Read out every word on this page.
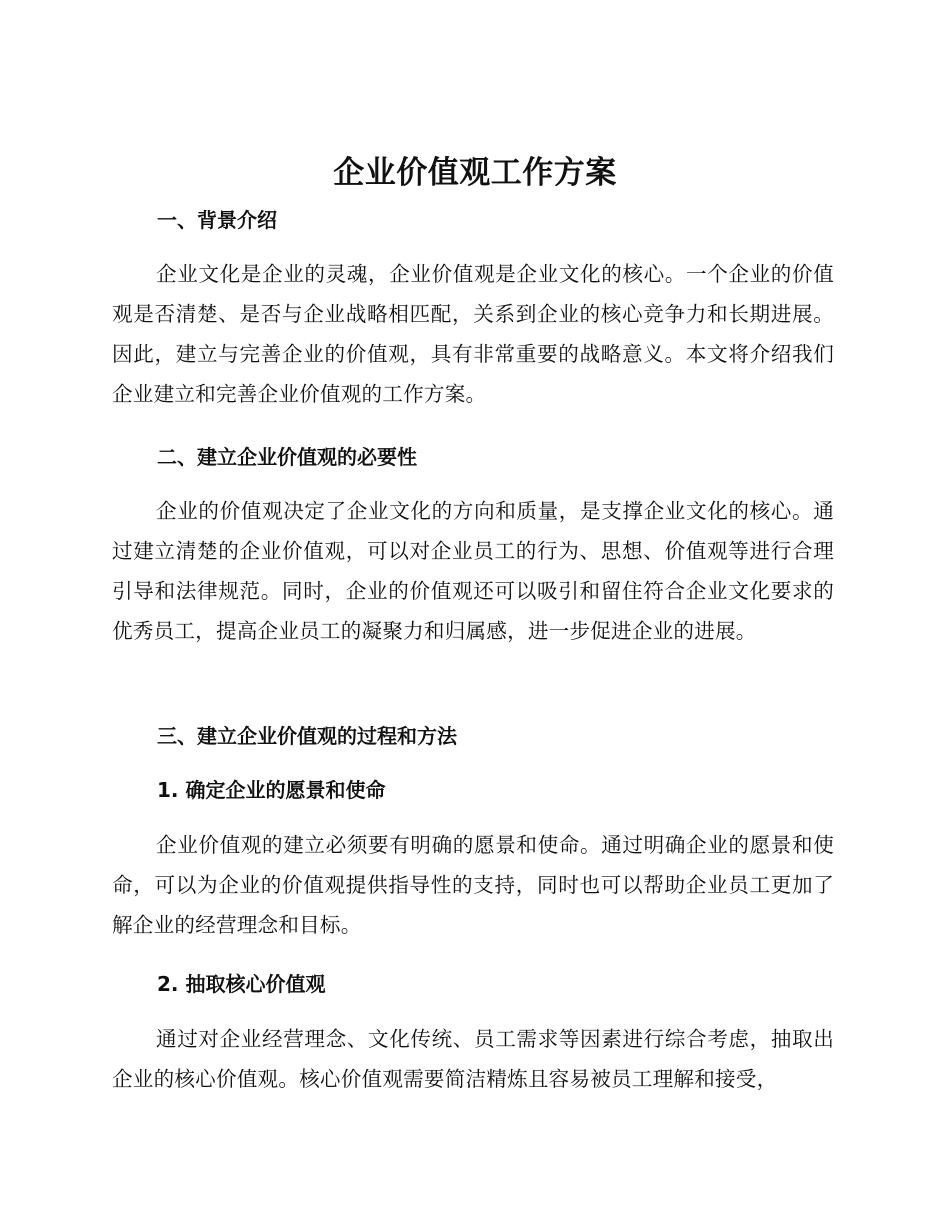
企业价值观工作方案
一、背景介绍

企业文化是企业的灵魂，企业价值观是企业文化的核心。一个企业的价值观是否清楚、是否与企业战略相匹配，关系到企业的核心竞争力和长期进展。因此，建立与完善企业的价值观，具有非常重要的战略意义。本文将介绍我们企业建立和完善企业价值观的工作方案。

二、建立企业价值观的必要性

企业的价值观决定了企业文化的方向和质量，是支撑企业文化的核心。通过建立清楚的企业价值观，可以对企业员工的行为、思想、价值观等进行合理引导和法律规范。同时，企业的价值观还可以吸引和留住符合企业文化要求的优秀员工，提高企业员工的凝聚力和归属感，进一步促进企业的进展。

三、建立企业价值观的过程和方法
1. 确定企业的愿景和使命

企业价值观的建立必须要有明确的愿景和使命。通过明确企业的愿景和使命，可以为企业的价值观提供指导性的支持，同时也可以帮助企业员工更加了解企业的经营理念和目标。

2. 抽取核心价值观

通过对企业经营理念、文化传统、员工需求等因素进行综合考虑，抽取出企业的核心价值观。核心价值观需要简洁精炼且容易被员工理解和接受，
